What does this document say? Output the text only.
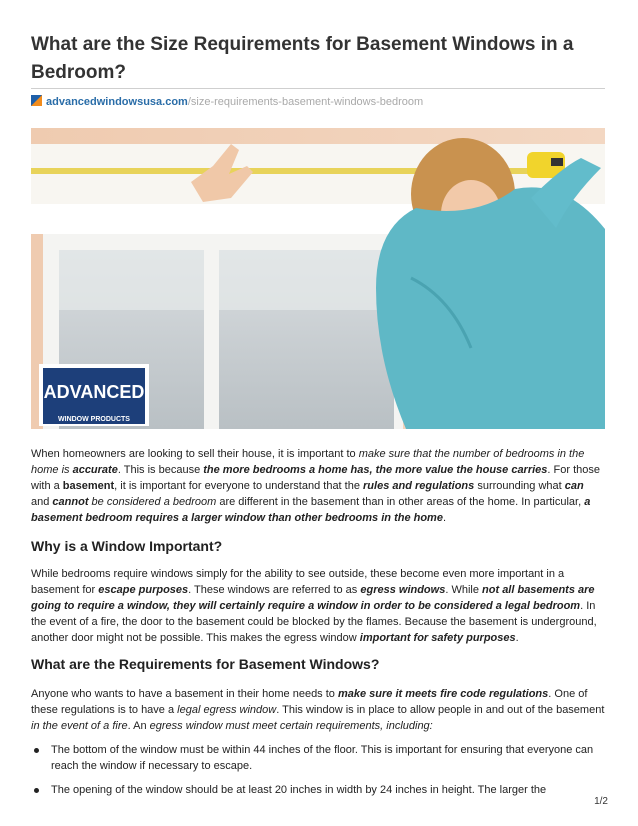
What are the Size Requirements for Basement Windows in a Bedroom?
advancedwindowsusa.com/size-requirements-basement-windows-bedroom
ADVANCED
WINDOW PRODUCTS

When homeowners are looking to sell their house, it is important to make sure that the number of bedrooms in the home is accurate. This is because the more bedrooms a home has, the more value the house carries. For those with a basement, it is important for everyone to understand that the rules and regulations surrounding what can and cannot be considered a bedroom are different in the basement than in other areas of the home. In particular, a basement bedroom requires a larger window than other bedrooms in the home.

Why is a Window Important?

While bedrooms require windows simply for the ability to see outside, these become even more important in a basement for escape purposes. These windows are referred to as egress windows. While not all basements are going to require a window, they will certainly require a window in order to be considered a legal bedroom. In the event of a fire, the door to the basement could be blocked by the flames. Because the basement is underground, another door might not be possible. This makes the egress window important for safety purposes.

What are the Requirements for Basement Windows?

Anyone who wants to have a basement in their home needs to make sure it meets fire code regulations. One of these regulations is to have a legal egress window. This window is in place to allow people in and out of the basement in the event of a fire. An egress window must meet certain requirements, including:

The bottom of the window must be within 44 inches of the floor. This is important for ensuring that everyone can reach the window if necessary to escape.
The opening of the window should be at least 20 inches in width by 24 inches in height. The larger the
1/2
